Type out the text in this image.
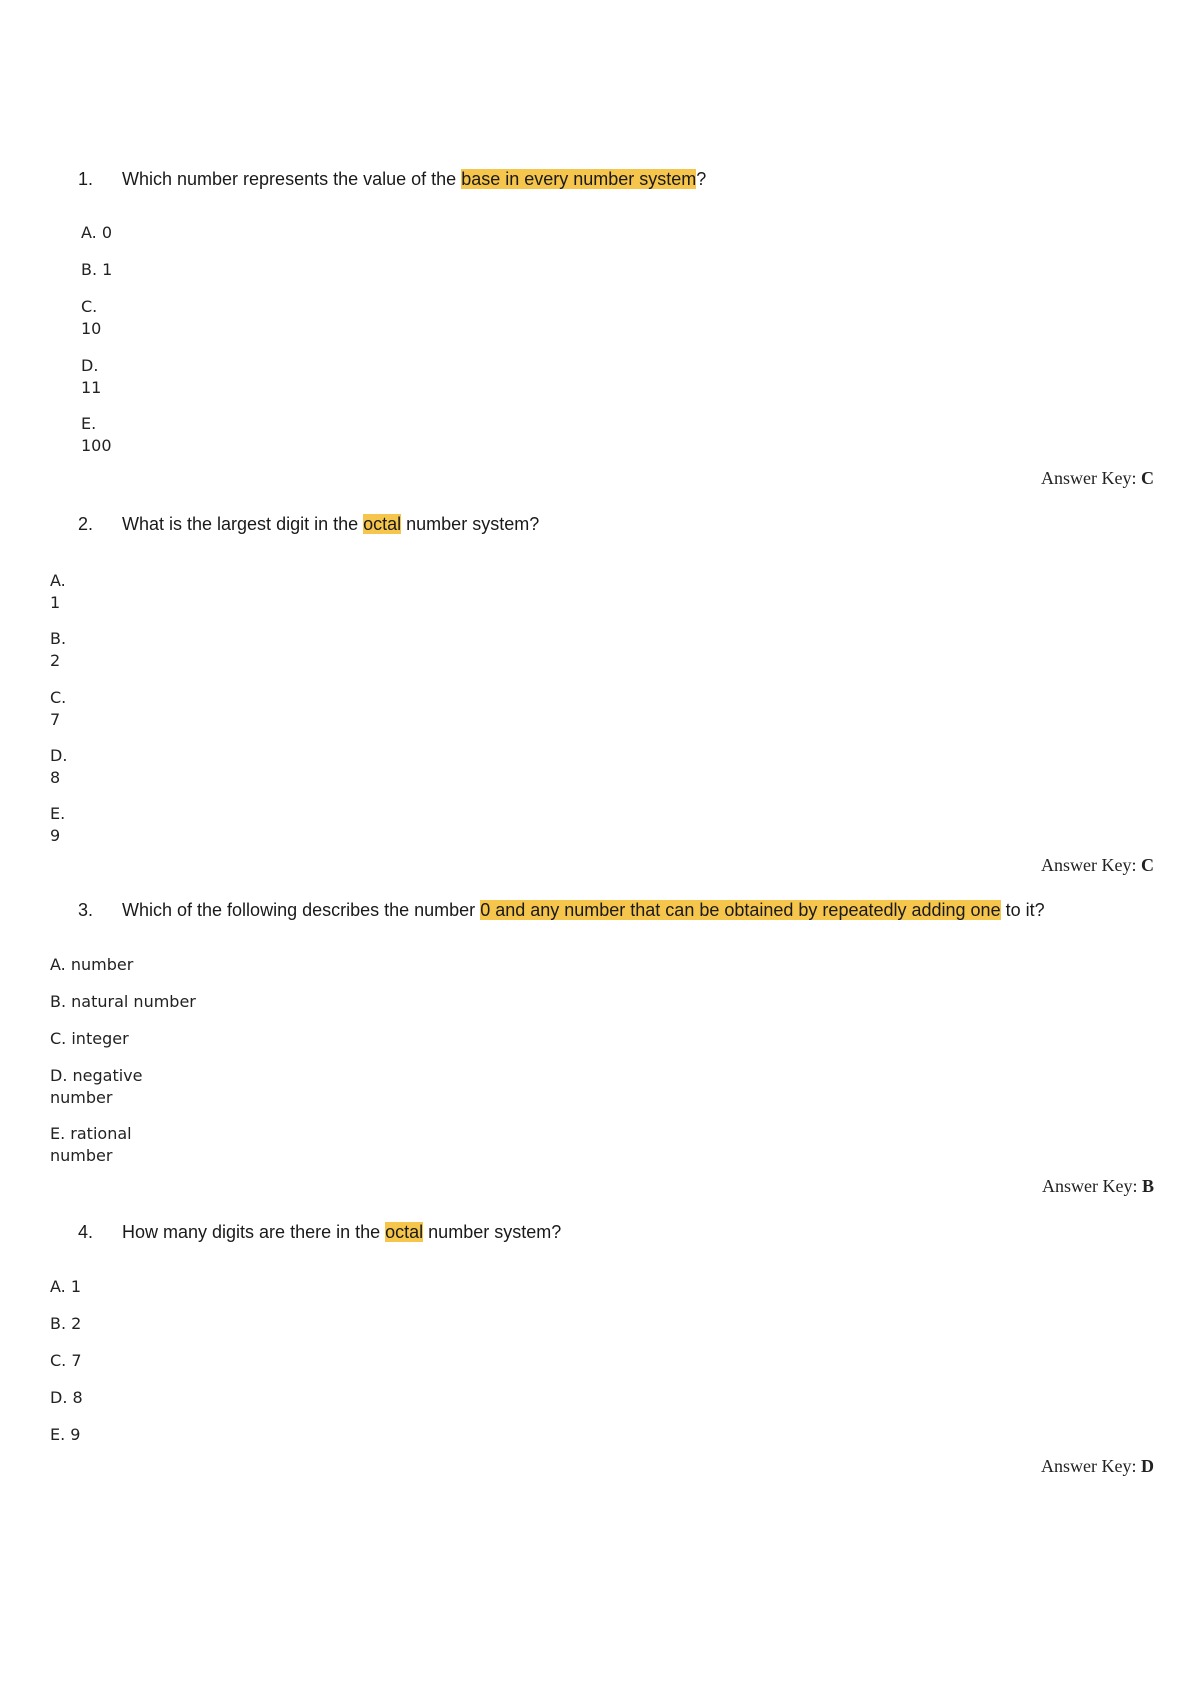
1. Which number represents the value of the base in every number system?
A. 0
B. 1
C.
10
D.
11
E.
100
Answer Key: C
2. What is the largest digit in the octal number system?
A.
1
B.
2
C.
7
D.
8
E.
9
Answer Key: C
3. Which of the following describes the number 0 and any number that can be obtained by repeatedly adding one to it?
A. number
B. natural number
C. integer
D. negative number
E. rational number
Answer Key: B
4. How many digits are there in the octal number system?
A. 1
B. 2
C. 7
D. 8
E. 9
Answer Key: D
